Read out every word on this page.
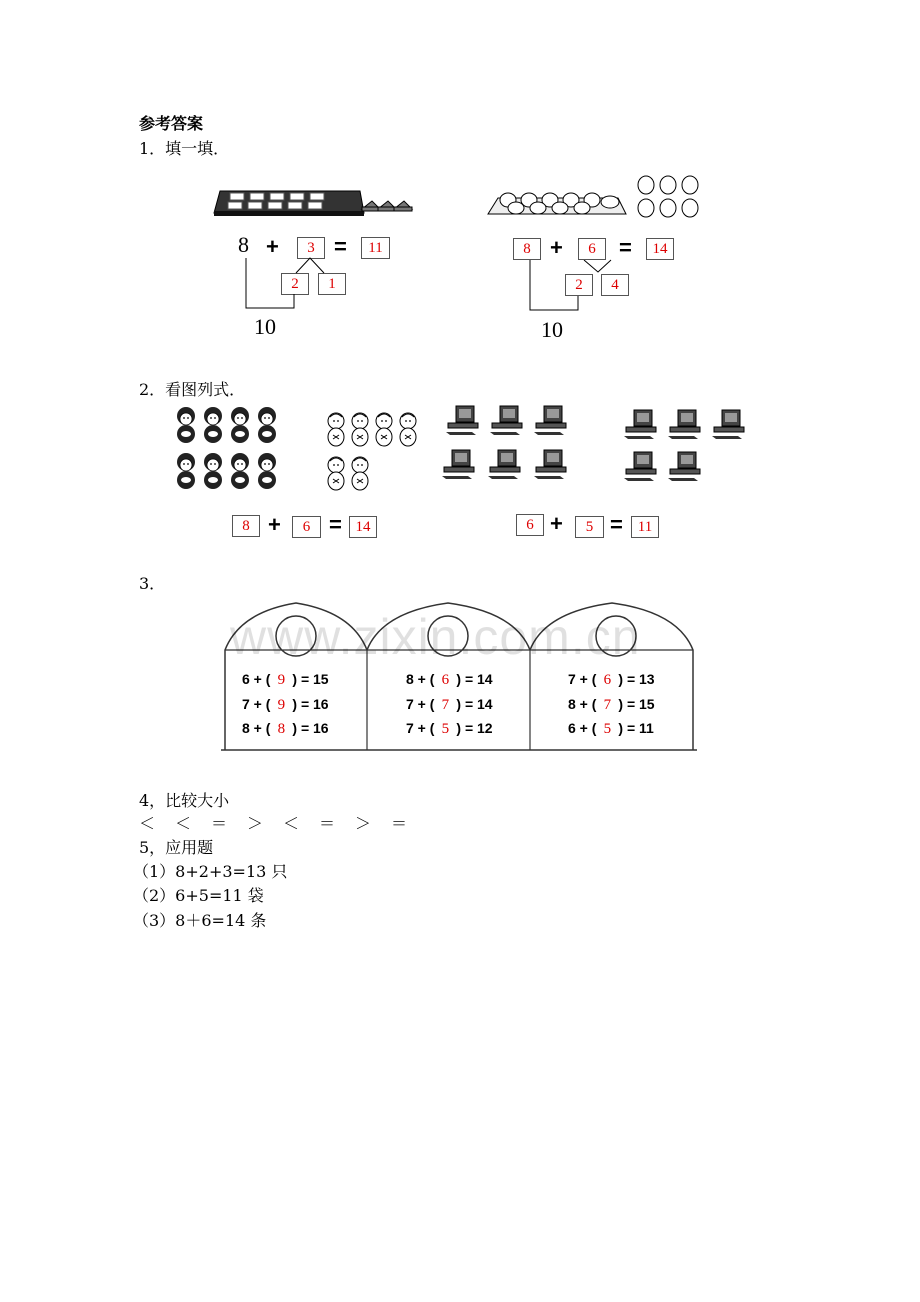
参考答案
1．填一填．
8 +	3 =	11
2	1
10
8 +	6	=	14
2	4
10
2．看图列式．
8 +	6 = 14	6 +	5 = 11
3．
www.zixin.com.cn
6 + ( 9 ) = 15
7 + ( 9 ) = 16
8 + ( 8 ) = 16
8 + ( 6 ) = 14
7 + ( 7 ) = 14
7 + ( 5 ) = 12
7 + ( 6 ) = 13
8 + ( 7 ) = 15
6 + ( 5 ) = 11
4，比较大小
＜　＜　＝　＞　＜　＝　＞　＝
5，应用题
（1）8+2+3=13 只
（2）6+5=11 袋
（3）8＋6=14 条
